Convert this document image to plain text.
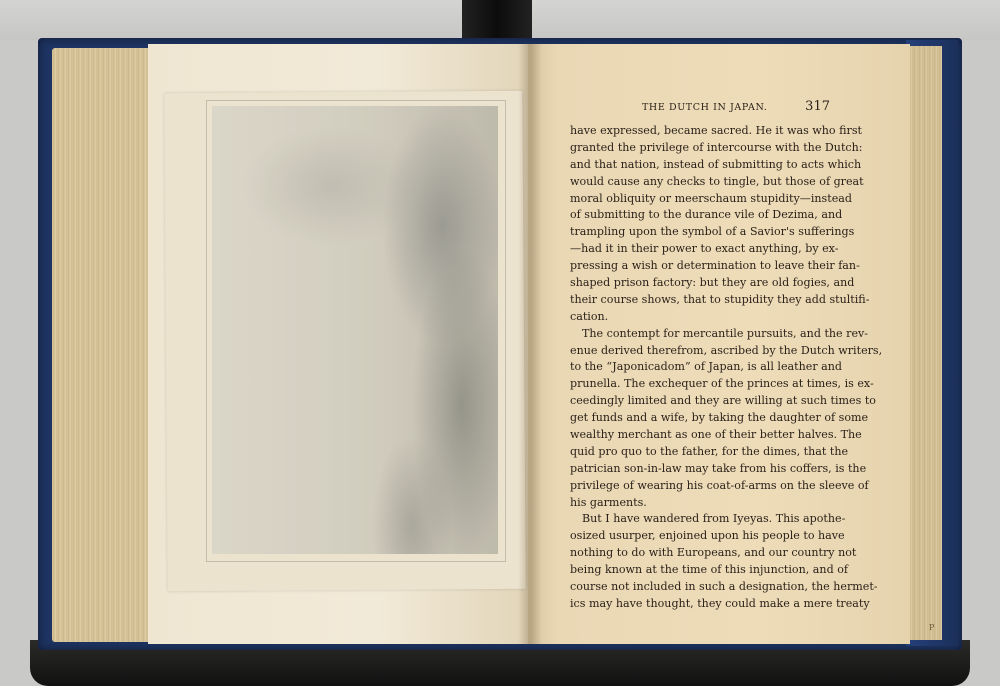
THE DUTCH IN JAPAN.	317
have expressed, became sacred. He it was who first
granted the privilege of intercourse with the Dutch:
and that nation, instead of submitting to acts which
would cause any checks to tingle, but those of great
moral obliquity or meerschaum stupidity—instead
of submitting to the durance vile of Dezima, and
trampling upon the symbol of a Savior's sufferings
—had it in their power to exact anything, by ex-
pressing a wish or determination to leave their fan-
shaped prison factory: but they are old fogies, and
their course shows, that to stupidity they add stultifi-
cation.
The contempt for mercantile pursuits, and the rev-
enue derived therefrom, ascribed by the Dutch writers,
to the “Japonicadom” of Japan, is all leather and
prunella. The exchequer of the princes at times, is ex-
ceedingly limited and they are willing at such times to
get funds and a wife, by taking the daughter of some
wealthy merchant as one of their better halves. The
quid pro quo to the father, for the dimes, that the
patrician son-in-law may take from his coffers, is the
privilege of wearing his coat-of-arms on the sleeve of
his garments.
But I have wandered from Iyeyas. This apothe-
osized usurper, enjoined upon his people to have
nothing to do with Europeans, and our country not
being known at the time of this injunction, and of
course not included in such a designation, the hermet-
ics may have thought, they could make a mere treaty
P
